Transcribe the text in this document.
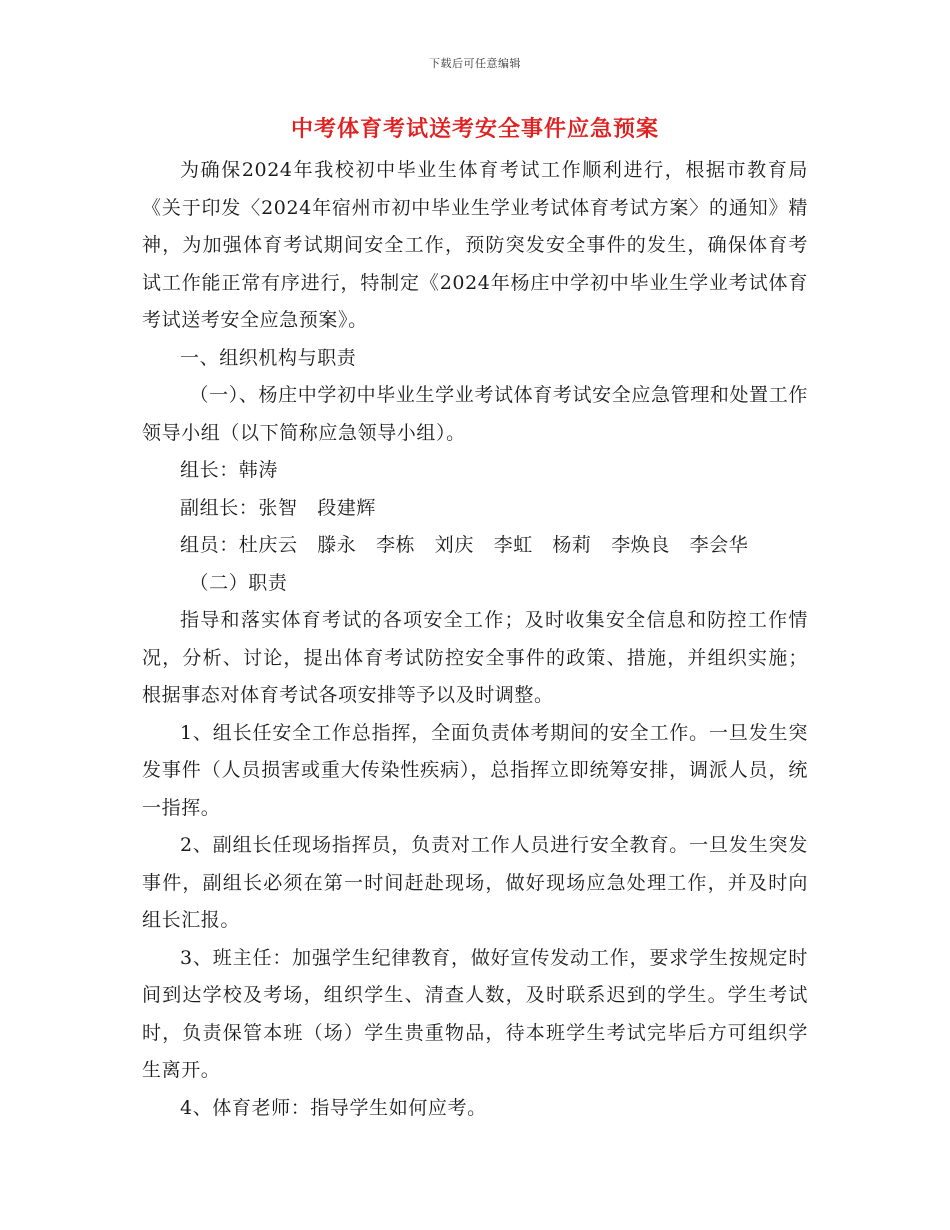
下载后可任意编辑
中考体育考试送考安全事件应急预案

为确保2024年我校初中毕业生体育考试工作顺利进行，根据市教育局《关于印发〈2024年宿州市初中毕业生学业考试体育考试方案〉的通知》精神，为加强体育考试期间安全工作，预防突发安全事件的发生，确保体育考试工作能正常有序进行，特制定《2024年杨庄中学初中毕业生学业考试体育考试送考安全应急预案》。

一、组织机构与职责

（一）、杨庄中学初中毕业生学业考试体育考试安全应急管理和处置工作领导小组（以下简称应急领导小组）。

组长：韩涛

副组长：张智　段建辉

组员：杜庆云　滕永　李栋　刘庆　李虹　杨莉　李焕良　李会华

（二）职责

指导和落实体育考试的各项安全工作；及时收集安全信息和防控工作情况，分析、讨论，提出体育考试防控安全事件的政策、措施，并组织实施；根据事态对体育考试各项安排等予以及时调整。

1、组长任安全工作总指挥，全面负责体考期间的安全工作。一旦发生突发事件（人员损害或重大传染性疾病），总指挥立即统筹安排，调派人员，统一指挥。

2、副组长任现场指挥员，负责对工作人员进行安全教育。一旦发生突发事件，副组长必须在第一时间赶赴现场，做好现场应急处理工作，并及时向组长汇报。

3、班主任：加强学生纪律教育，做好宣传发动工作，要求学生按规定时间到达学校及考场，组织学生、清查人数，及时联系迟到的学生。学生考试时，负责保管本班（场）学生贵重物品，待本班学生考试完毕后方可组织学生离开。

4、体育老师：指导学生如何应考。
